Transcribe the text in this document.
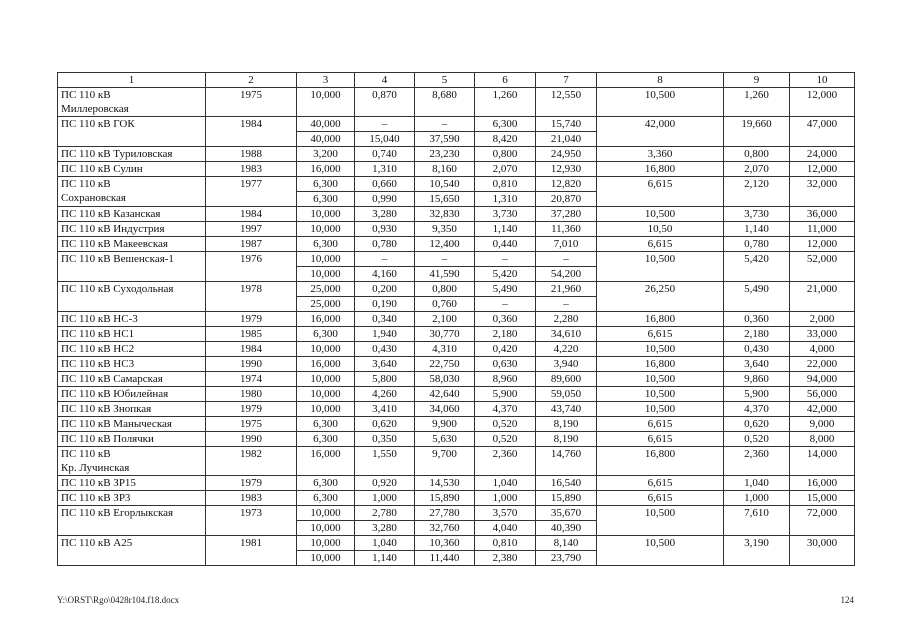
1	2	3	4	5	6	7	8	9	10
ПС 110 кВ
Миллеровская	1975	10,000	0,870	8,680	1,260	12,550	10,500	1,260	12,000
ПС 110 кВ ГОК	1984	40,000	–	–	6,300	15,740	42,000	19,660	47,000
		40,000	15,040	37,590	8,420	21,040			
ПС 110 кВ Туриловская	1988	3,200	0,740	23,230	0,800	24,950	3,360	0,800	24,000
ПС 110 кВ Сулин	1983	16,000	1,310	8,160	2,070	12,930	16,800	2,070	12,000
ПС 110 кВ
Сохрановская	1977	6,300	0,660	10,540	0,810	12,820	6,615	2,120	32,000
		6,300	0,990	15,650	1,310	20,870			
ПС 110 кВ Казанская	1984	10,000	3,280	32,830	3,730	37,280	10,500	3,730	36,000
ПС 110 кВ Индустрия	1997	10,000	0,930	9,350	1,140	11,360	10,50	1,140	11,000
ПС 110 кВ Макеевская	1987	6,300	0,780	12,400	0,440	7,010	6,615	0,780	12,000
ПС 110 кВ Вешенская-1	1976	10,000	–	–	–	–	10,500	5,420	52,000
		10,000	4,160	41,590	5,420	54,200			
ПС 110 кВ Суходольная	1978	25,000	0,200	0,800	5,490	21,960	26,250	5,490	21,000
		25,000	0,190	0,760	–	–			
ПС 110 кВ НС-3	1979	16,000	0,340	2,100	0,360	2,280	16,800	0,360	2,000
ПС 110 кВ НС1	1985	6,300	1,940	30,770	2,180	34,610	6,615	2,180	33,000
ПС 110 кВ НС2	1984	10,000	0,430	4,310	0,420	4,220	10,500	0,430	4,000
ПС 110 кВ НС3	1990	16,000	3,640	22,750	0,630	3,940	16,800	3,640	22,000
ПС 110 кВ Самарская	1974	10,000	5,800	58,030	8,960	89,600	10,500	9,860	94,000
ПС 110 кВ Юбилейная	1980	10,000	4,260	42,640	5,900	59,050	10,500	5,900	56,000
ПС 110 кВ Знопкая	1979	10,000	3,410	34,060	4,370	43,740	10,500	4,370	42,000
ПС 110 кВ Маныческая	1975	6,300	0,620	9,900	0,520	8,190	6,615	0,620	9,000
ПС 110 кВ Полячки	1990	6,300	0,350	5,630	0,520	8,190	6,615	0,520	8,000
ПС 110 кВ
Кр. Лучинская	1982	16,000	1,550	9,700	2,360	14,760	16,800	2,360	14,000
ПС 110 кВ ЗР15	1979	6,300	0,920	14,530	1,040	16,540	6,615	1,040	16,000
ПС 110 кВ ЗР3	1983	6,300	1,000	15,890	1,000	15,890	6,615	1,000	15,000
ПС 110 кВ Егорлыкская	1973	10,000	2,780	27,780	3,570	35,670	10,500	7,610	72,000
		10,000	3,280	32,760	4,040	40,390			
ПС 110 кВ А25	1981	10,000	1,040	10,360	0,810	8,140	10,500	3,190	30,000
		10,000	1,140	11,440	2,380	23,790			
Y:\ORST\Rgo\0428r104.f18.docx	124
